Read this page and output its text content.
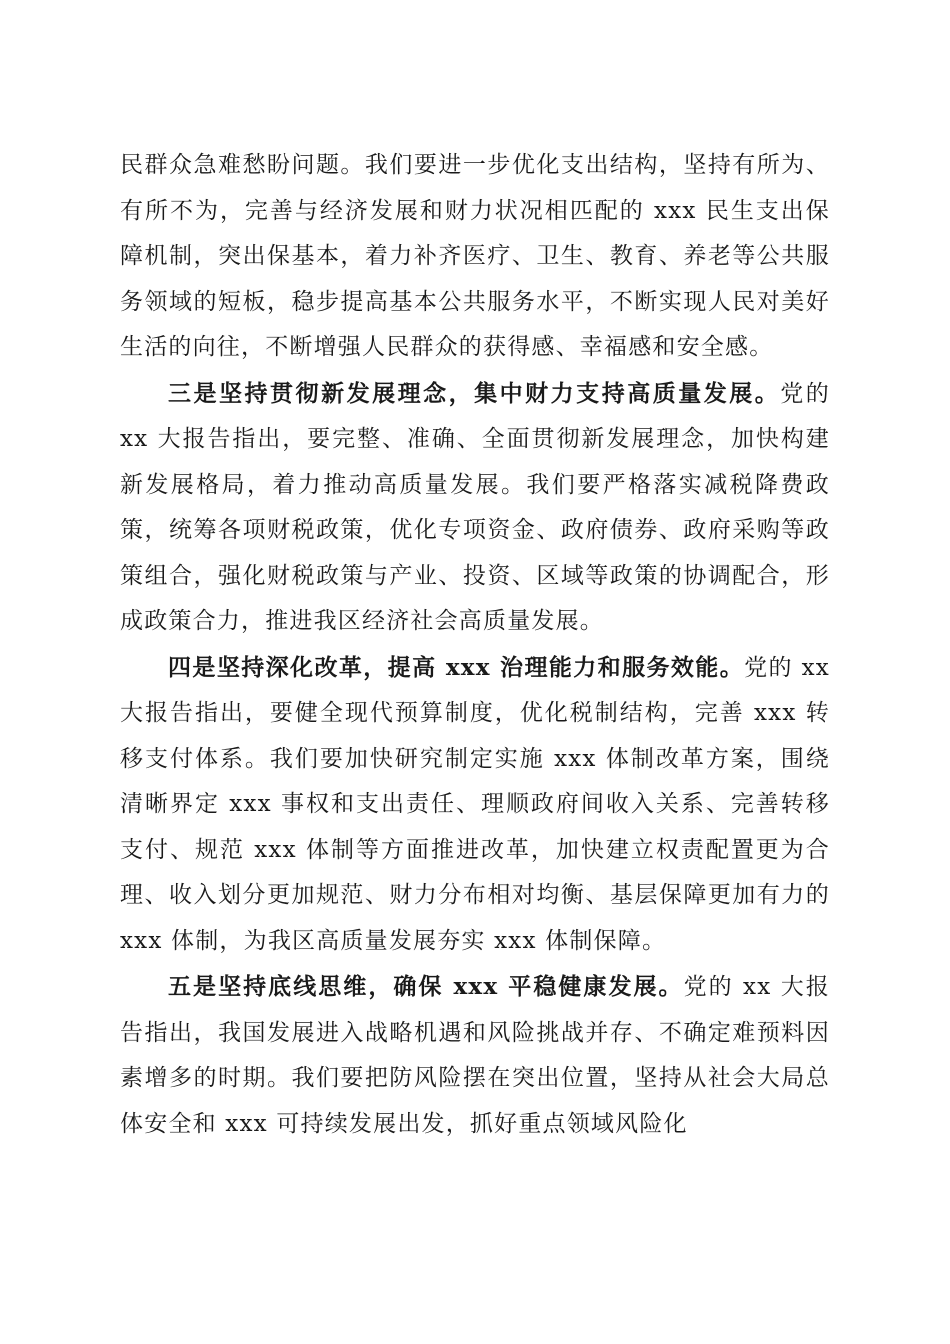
民群众急难愁盼问题。我们要进一步优化支出结构，坚持有所为、有所不为，完善与经济发展和财力状况相匹配的 xxx 民生支出保障机制，突出保基本，着力补齐医疗、卫生、教育、养老等公共服务领域的短板，稳步提高基本公共服务水平，不断实现人民对美好生活的向往，不断增强人民群众的获得感、幸福感和安全感。

三是坚持贯彻新发展理念，集中财力支持高质量发展。党的 xx 大报告指出，要完整、准确、全面贯彻新发展理念，加快构建新发展格局，着力推动高质量发展。我们要严格落实减税降费政策，统筹各项财税政策，优化专项资金、政府债券、政府采购等政策组合，强化财税政策与产业、投资、区域等政策的协调配合，形成政策合力，推进我区经济社会高质量发展。

四是坚持深化改革，提高 xxx 治理能力和服务效能。党的 xx 大报告指出，要健全现代预算制度，优化税制结构，完善 xxx 转移支付体系。我们要加快研究制定实施 xxx 体制改革方案，围绕清晰界定 xxx 事权和支出责任、理顺政府间收入关系、完善转移支付、规范 xxx 体制等方面推进改革，加快建立权责配置更为合理、收入划分更加规范、财力分布相对均衡、基层保障更加有力的 xxx 体制，为我区高质量发展夯实 xxx 体制保障。

五是坚持底线思维，确保 xxx 平稳健康发展。党的 xx 大报告指出，我国发展进入战略机遇和风险挑战并存、不确定难预料因素增多的时期。我们要把防风险摆在突出位置，坚持从社会大局总体安全和 xxx 可持续发展出发，抓好重点领域风险化
